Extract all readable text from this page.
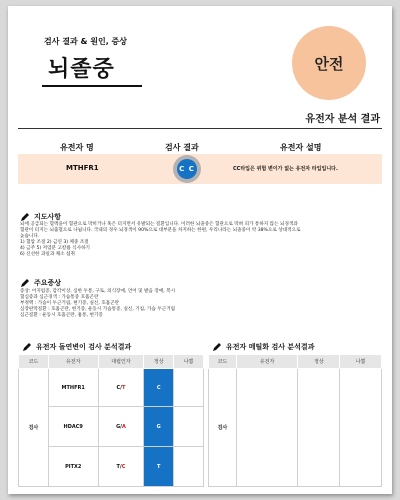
검사 결과 & 원인, 증상
뇌졸중	안전
유전자 분석 결과
유전자 명	검사 결과	유전자 설명
MTHFR1	C C	CC타입은 위험 변이가 없는 유전자 타입입니다.
지도사항
뇌에 공급되는 혈액을이 혈관으로 막히거나 혹은 터지면서 유발되는 질환입니다. 이러한 뇌졸중은 혈관으로 막혀 피가 통하지 않는 뇌경색과
혈관이 터지는 뇌출혈으로 나뉩니다. 국내의 경우 뇌경색이 90%으로 대부분을 차지하는 한편, 우리나라는 뇌졸중이 약 38%으로 상대적으로
높습니다.
1) 혈압 조절 2) 금연 3) 체중 조절
4) 금주 5) 저염분 고칼륨 식사하기
6) 신선한 과일과 채소 섭취
주요증상
증상: 어지럼증, 감각이상, 심한 두통, 구토, 의식장애, 언어 및 발음 장애, 복시
혈심증과 심근경색 : 가슴통증 호흡곤란
부정맥 : 가슴이 두근거림, 현기증, 실신, 호흡곤란
심장판막질환 : 호흡곤란, 현기증, 운동시 가슴통증, 실신, 기침, 가슴 두근거림
심근질환 : 운동시 호흡곤란, 흉통, 현기증
유전자 돌연변이 검사 분석결과	유전자 메틸화 검사 분석결과
코드	유전자	대립인자	정상	나쁨
검사	MTHFR1	C/T	C	
	HDAC9	G/A	G	
	PITX2	T/C	T	
코드	유전자	정상	나쁨
검사			
